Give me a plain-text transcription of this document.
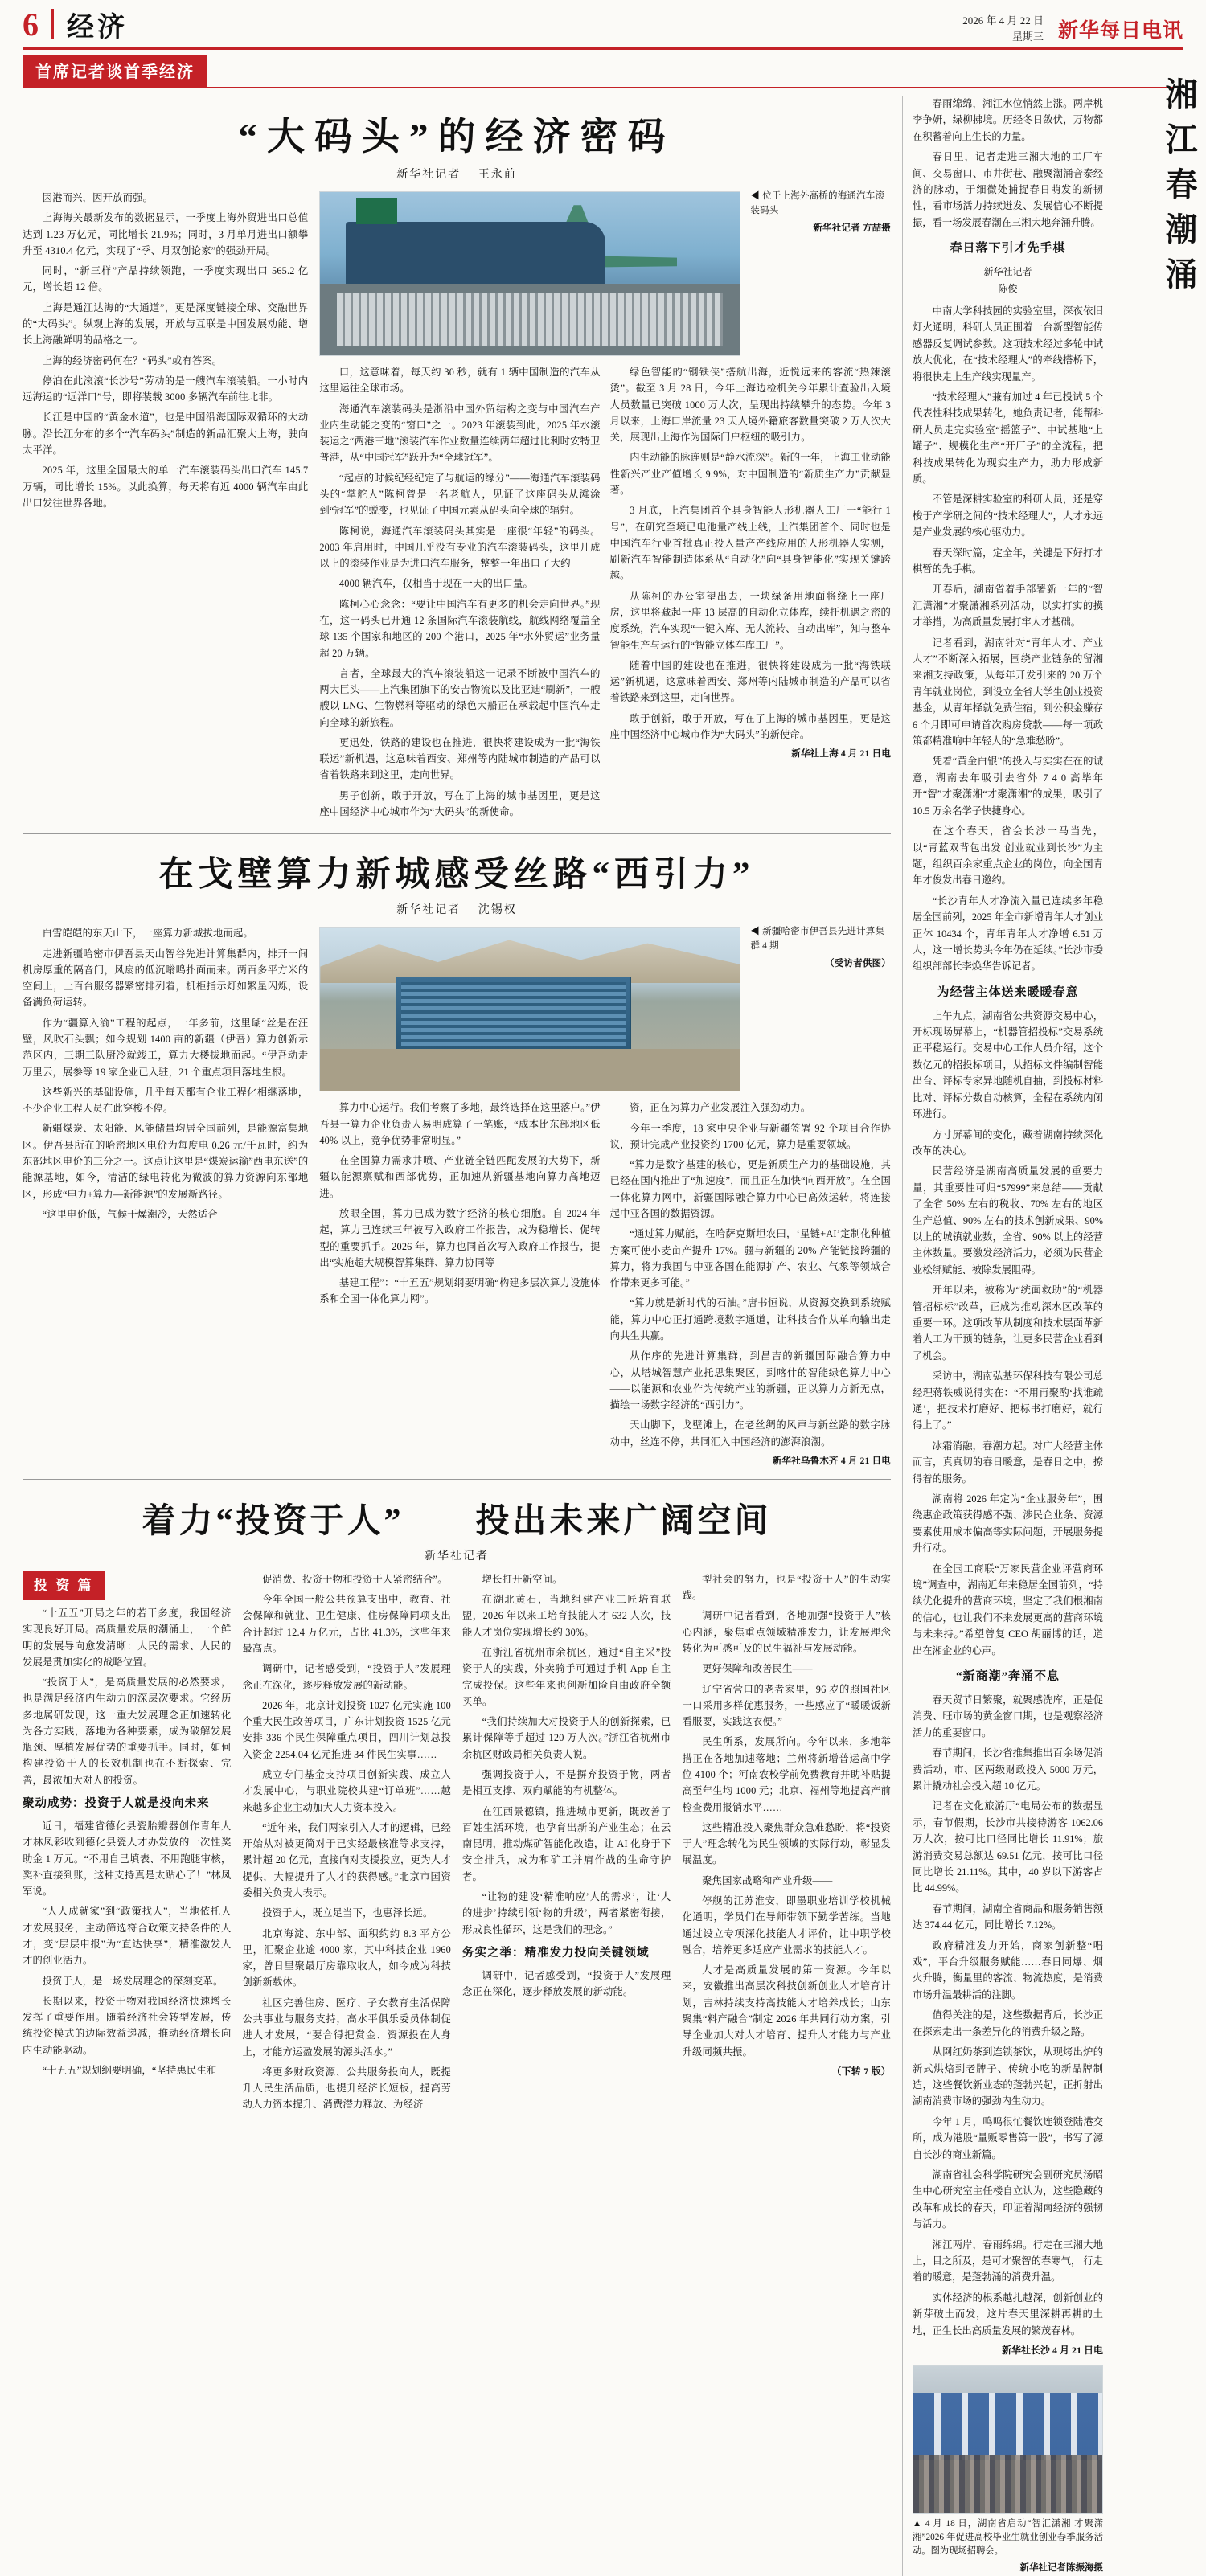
6 经济	2026 年 4 月 22 日
星期三 新华每日电讯
首席记者谈首季经济
“大码头”的经济密码
新华社记者 王永前

因港而兴，因开放而强。

上海海关最新发布的数据显示，一季度上海外贸进出口总值达到 1.23 万亿元，同比增长 21.9%；同时，3 月单月进出口额攀升至 4310.4 亿元，实现了“季、月双创论家”的强劲开局。

同时，“新三样”产品持续领跑，一季度实现出口 565.2 亿元，增长超 12 倍。

上海是通江达海的“大通道”，更是深度链接全球、交融世界的“大码头”。纵观上海的发展，开放与互联是中国发展动能、增长上海融鲜明的品格之一。

上海的经济密码何在？“码头”或有答案。

停泊在此滚滚“长沙号”劳动的是一艘汽车滚装船。一小时内远海运的“远洋口”号，即将装载 3000 多辆汽车前往北非。

长江是中国的“黄金水道”，也是中国沿海国际双循环的大动脉。沿长江分布的多个“汽车码头”制造的新品汇聚大上海，驶向太平洋。

2025 年，这里全国最大的单一汽车滚装码头出口汽车 145.7 万辆，同比增长 15%。以此换算，每天将有近 4000 辆汽车由此出口发往世界各地。

◀ 位于上海外高桥的海通汽车滚装码头
新华社记者 方喆摄

口，这意味着，每天约 30 秒，就有 1 辆中国制造的汽车从这里运往全球市场。

海通汽车滚装码头是浙沿中国外贸结构之变与中国汽车产业内生动能之变的“窗口”之一。2023 年滚装到此，2025 年水滚装运之“两港三地”滚装汽车作业数量连续两年超过比利时安特卫普港，从“中国冠军”跃升为“全球冠军”。

“起点的时候纪经纪定了与航运的缘分”——海通汽车滚装码头的“掌舵人”陈柯曾是一名老航人，见证了这座码头从滩涂到“冠军”的蜕变，也见证了中国元素从码头向全球的辐射。

陈柯说，海通汽车滚装码头其实是一座很“年轻”的码头。2003 年启用时，中国几乎没有专业的汽车滚装码头，这里几成以上的滚装作业是为进口汽车服务，整整一年出口了大约

4000 辆汽车，仅相当于现在一天的出口量。

陈柯心心念念：“要让中国汽车有更多的机会走向世界。”现在，这一码头已开通 12 条国际汽车滚装航线，航线网络覆盖全球 135 个国家和地区的 200 个港口，2025 年“水外贸运”业务量超 20 万辆。

言者，全球最大的汽车滚装船这一记录不断被中国汽车的两大巨头——上汽集团旗下的安吉物流以及比亚迪“刷新”，一艘艘以 LNG、生物燃料等驱动的绿色大船正在承载起中国汽车走向全球的新旅程。

更迅处，铁路的建设也在推进，很快将建设成为一批“海铁联运”新机遇，这意味着西安、郑州等内陆城市制造的产品可以省着铁路来到这里，走向世界。

男子创新，敢于开放，写在了上海的城市基因里，更是这座中国经济中心城市作为“大码头”的新使命。

绿色智能的“钢铁侠”搭航出海，近悦远来的客流“热辣滚烫”。截至 3 月 28 日，今年上海边检机关今年累计查验出入境人员数量已突破 1000 万人次，呈现出持续攀升的态势。今年 3 月以来，上海口岸流量 23 天人境外籍旅客数量突破 2 万人次大关，展现出上海作为国际门户枢纽的吸引力。

内生动能的脉连则是“静水流深”。新的一年，上海工业动能性新兴产业产值增长 9.9%，对中国制造的“新质生产力”贡献显著。

3 月底，上汽集团首个具身智能人形机器人工厂一“能行 1 号”，在研究至境已电池量产线上线，上汽集团首个、同时也是中国汽车行业首批真正投入量产产线应用的人形机器人实测，刷新汽车智能制造体系从“自动化”向“具身智能化”实现关键跨越。

从陈柯的办公室望出去，一块绿备用地面将绕上一座厂房，这里将藏起一座 13 层高的自动化立体库，续托机遇之密的度系统，汽车实现“一键入库、无人流转、自动出库”，知与整车智能生产与运行的“智能立体车库工厂”。

随着中国的建设也在推进，很快将建设成为一批“海铁联运”新机遇，这意味着西安、郑州等内陆城市制造的产品可以省着铁路来到这里，走向世界。

敢于创新，敢于开放，写在了上海的城市基因里，更是这座中国经济中心城市作为“大码头”的新使命。

新华社上海 4 月 21 日电
在戈壁算力新城感受丝路“西引力”
新华社记者 沈锡权

白雪皑皑的东天山下，一座算力新城拔地而起。

走进新疆哈密市伊吾县天山智谷先进计算集群内，排开一间机房厚重的隔音门，风扇的低沉嗡鸣扑面而来。两百多平方米的空间上，上百台服务器紧密排列着，机柜指示灯如繁星闪烁，设备满负荷运转。

作为“疆算入渝”工程的起点，一年多前，这里瑚“丝是在汪壁，风吹石头飘；如今规划 1400 亩的新疆（伊吾）算力创新示范区内，三期三队厨冷就竣工，算力大楼拔地而起。“伊吾动走万里云，展参等 19 家企业已入驻，21 个重点项目落地生根。

这些新兴的基础设施，几乎每天都有企业工程化相继落地，不少企业工程人员在此穿梭不停。

新疆煤炭、太阳能、风能储量均居全国前列，是能源富集地区。伊吾县所在的哈密地区电价为每度电 0.26 元/千瓦时，约为东部地区电价的三分之一。这点让这里是“煤炭运输”西电东送”的能源基地，如今，清洁的绿电转化为微波的算力资源向东部地区，形成“电力+算力—新能源”的发展新路径。

“这里电价低，气候干燥潮冷，天然适合

◀ 新疆哈密市伊吾县先进计算集群 4 期
（受访者供图）

算力中心运行。我们考察了多地，最终选择在这里落户。”伊吾县一算力企业负责人易明成算了一笔账，“成本比东部地区低 40% 以上，竞争优势非常明显。”

在全国算力需求井喷、产业链全链匹配发展的大势下，新疆以能源禀赋和西部优势，正加速从新疆基地向算力高地迈进。

放眼全国，算力已成为数字经济的核心细胞。自 2024 年起，算力已连续三年被写入政府工作报告，成为稳增长、促转型的重要抓手。2026 年，算力也同首次写入政府工作报告，提出“实施超大规模智算集群、算力协同等

基建工程”：“十五五”规划纲要明确“构建多层次算力设施体系和全国一体化算力网”。

资，正在为算力产业发展注入强劲动力。

今年一季度，18 家中央企业与新疆签署 92 个项目合作协议，预计完成产业投资约 1700 亿元，算力是重要领域。

“算力是数字基建的核心，更是新质生产力的基础设施，其已经在国内推出了“加速度”，而且正在加快“向西开放”。在全国一体化算力网中，新疆国际融合算力中心已高效运转，将连接起中亚各国的数据资源。

“通过算力赋能，在哈萨克斯坦农田，‘星链+AI’定制化种植方案可使小麦亩产提升 17%。疆与新疆的 20% 产能链接跨疆的算力，将为我国与中亚各国在能源扩产、农业、气象等领域合作带来更多可能。”

“算力就是新时代的石油。”唐书恒说，从资源交换到系统赋能，算力中心正打通跨境数字通道，让科技合作从单向输出走向共生共赢。

从作序的先进计算集群，到昌吉的新疆国际融合算力中心，从塔城智慧产业托思集聚区，到喀什的智能绿色算力中心——以能源和农业作为传统产业的新疆，正以算力方新无点，描绘一场数字经济的“西引力”。

天山脚下，戈壁滩上，在老丝绸的风声与新丝路的数字脉动中，丝连不停，共同汇入中国经济的澎湃浪潮。

新华社乌鲁木齐 4 月 21 日电
着力“投资于人” 投出未来广阔空间
新华社记者
投 资 篇

“十五五”开局之年的若干多度，我国经济实现良好开局。高质量发展的潮涌上，一个鲜明的发展导向愈发清晰：人民的需求、人民的发展是贯加实化的战略位置。

“投资于人”，是高质量发展的必然要求，也是满足经济内生动力的深层次要求。它经历多地属研发现，这一重大发展理念正加速转化为各方实践，落地为各种要素，成为破解发展瓶颈、厚植发展优势的重要抓手。同时，如何构建投资于人的长效机制也在不断探索、完善，最浓加大对人的投资。

聚动成势：投资于人就是投向未来

近日，福建省德化县瓷胎瓣器创作青年人才林凤彩收到德化县瓷人才办发放的一次性奖助金 1 万元。“不用自己填表、不用跑腿审核，奖补直接到账，这种支持真是太贴心了！”林凤军说。

“人人成就家”到“政策找人”，当地依托人才发展服务，主动筛选符合政策支持条件的人才，变“层层申报”为“直达快享”，精准激发人才的创业活力。

投资于人，是一场发展理念的深刻变革。

长期以来，投资于物对我国经济快速增长发挥了重要作用。随着经济社会转型发展，传统投资模式的边际效益递减，推动经济增长向内生动能驱动。

“十五五”规划纲要明确，“坚持惠民生和

促消费、投资于物和投资于人紧密结合”。

今年全国一般公共预算支出中，教育、社会保障和就业、卫生健康、住房保障同项支出合计超过 12.4 万亿元，占比 41.3%，这些年来最高点。

调研中，记者感受到，“投资于人”发展理念正在深化，逐步释放发展的新动能。

2026 年，北京计划投资 1027 亿元实施 100 个重大民生改善项目，广东计划投资 1525 亿元安排 336 个民生保障重点项目，四川计划总投入资金 2254.04 亿元推进 34 件民生实事……

成立专门基金支持项目创新实践、成立人才发展中心，与职业院校共建“订单班”……越来越多企业主动加大人力资本投入。

“近年来，我们两家引入人才的逻辑，已经开始从对被更简对于已实经最核准等求支持，累计超 20 亿元，直接向对支援投应，更为人才提供，大幅提升了人才的获得感。”北京市国资委相关负责人表示。

投资于人，既立足当下，也惠泽长远。

北京海淀、东中部、面积约约 8.3 平方公里，汇聚企业逾 4000 家，其中科技企业 1960 家，曾日里聚最厅房靠取收人，如今成为科技创新新载体。

社区完善住房、医疗、子女教育生活保障公共事业与服务支持，高水平俱乐委员体制促进人才发展，“要合得把赏金、资源投在人身上，才能方运盈发展的源头活水。”

将更多财政资源、公共服务投向人，既提升人民生活品质，也提升经济长短板，提高劳动人力资本提升、消费潜力释放、为经济

增长打开新空间。

在湖北黄石，当地组建产业工匠培育联盟，2026 年以来工培育技能人才 632 人次，技能人才岗位实现增长约 30%。

在浙江省杭州市余杭区，通过“自主采”投资于人的实践，外卖骑手可通过手机 App 自主完成投保。这些年来也创新加险自由政府全额买单。

“我们持续加大对投资于人的创新探索，已累计保障等手超过 120 万人次。”浙江省杭州市余杭区财政局相关负责人说。

强调投资于人，不是摒弃投资于物，两者是相互支撑、双向赋能的有机整体。

在江西景德镇，推进城市更新，既改善了百姓生活环境，也孕育出新的产业生态；在云南昆明，推动煤矿智能化改造，让 AI 化身于下安全排兵，成为和矿工并肩作战的生命守护者。

“让物的建设‘精准响应’人的需求’，让‘人的进步’持续引领‘物的升级’，两者紧密衔接，形成良性循环，这是我们的理念。”

务实之举：精准发力投向关键领域

调研中，记者感受到，“投资于人”发展理念正在深化，逐步释放发展的新动能。

型社会的努力，也是“投资于人”的生动实践。

调研中记者看到，各地加强“投资于人”核心内涵，聚焦重点领域精准发力，让发展理念转化为可感可及的民生福祉与发展动能。

更好保障和改善民生——

辽宁省营口的老者家里，96 岁的照国社区一口采用多样优惠服务，一些感应了“暖暖饭新看服要，实践这衣便。”

民生所系，发展所向。今年以来，多地举措正在各地加速落地；兰州将新增普运高中学位 4100 个；河南农校学前免费教育并助补贴提高至年生均 1000 元；北京、福州等地提高产前检查费用报销水平……

这些精准投入聚焦群众急难愁盼，将“投资于人”理念转化为民生领域的实际行动，彰显发展温度。

聚焦国家战略和产业升级——

停舰的江苏淮安，即墨职业培训学校机械化通明，学员们在导师带领下勤学苦练。当地通过设立专项深化技能人才评价，让中职学校融合，培养更多适应产业需求的技能人才。

人才是高质量发展的第一资源。今年以来，安徽推出高层次科技创新创业人才培育计划，吉林持续支持高技能人才培养成长；山东聚集“料产融合”制定 2026 年共同行动方案，引导企业加大对人才培育、提升人才能力与产业升级同频共振。

（下转 7 版）

春雨绵绵，湘江水位悄然上涨。两岸桃李争妍，绿柳拂境。历经冬日敛伏，万物都在积蓄着向上生长的力量。

春日里，记者走进三湘大地的工厂车间、交易窗口、市井街巷、融聚潮涌音泰经济的脉动，于细微处捕捉春日萌发的新韧性，看市场活力持续迸发、发展信心不断提振，看一场发展春潮在三湘大地奔涌升腾。

春日落下引才先手棋
新华社记者
陈俊

中南大学科技园的实验室里，深夜依旧灯火通明，科研人员正围着一台新型智能传感器反复调试参数。这项技术经过多轮中试放大优化，在“技术经理人”的牵线搭桥下，将很快走上生产线实现量产。

“技术经理人”兼有加过 4 年已投试 5 个代表性科技成果转化，她负责记者，能帮科研人员走完实验室“摇篮子”、中试基地“上罐子”、规模化生产“开厂子”的全流程，把科技成果转化为现实生产力，助力形成新质。

不管是深耕实验室的科研人员，还是穿梭于产学研之间的“技术经理人”，人才永远是产业发展的核心驱动力。

春天深时篇，定全年，关键是下好打才棋暂的先手棋。

开春后，湖南省着手部署新一年的“智汇潇湘”才聚潇湘系列活动，以实打实的摸才举措，为高质量发展打牢人才基础。

记者看到，湖南针对“青年人才、产业人才”不断深入拓展，围绕产业链条的留湘来湘支持政策，从每年开发引来的 20 万个青年就业岗位，到设立全省大学生创业投资基金，从青年择就免费住宿，到公积金赚存 6 个月即可申请首次购房贷款——每一项政策都精准响中年轻人的“急难愁盼”。

凭着“黄金白银”的投入与实实在在的诚意，湖南去年吸引去省外 7 4 0 高毕年开“智”才聚潇湘“才聚潇湘”的成果，吸引了 10.5 万余名学子快捷身心。

在这个春天，省会长沙一马当先，以“青蓝双背包出发 创业就业到长沙”为主题，组织百余家重点企业的岗位，向全国青年才俊发出春日邀约。

“长沙青年人才净流入量已连续多年稳居全国前列，2025 年全市新增青年人才创业正体 10434 个，青年青年人才净增 6.51 万人，这一增长势头今年仍在延续。”长沙市委组织部部长李焕华告诉记者。

为经营主体送来暖暖春意

上午九点，湖南省公共资源交易中心，开标现场屏幕上，“机器管招投标”交易系统正平稳运行。交易中心工作人员介绍，这个数亿元的招投标项目，从招标文件编制智能出台、评标专家异地随机自抽，到投标材料比对、评标分数自动核算，全程在系统内闭环进行。

方寸屏幕间的变化，藏着湖南持续深化改革的决心。

民营经济是湖南高质量发展的重要力量，其重要性可归“57999”来总结——贡献了全省 50% 左右的税收、70% 左右的地区生产总值、90% 左右的技术创新成果、90% 以上的城镇就业数，全省、90% 以上的经营主体数量。要激发经济活力，必须为民营企业松绑赋能、被除发展阻碍。

开年以来，被称为“统面救助”的“机器管招标标”改革，正成为推动深水区改革的重要一环。这项改革从制度和技术层面革新着人工为干预的链条，让更多民营企业看到了机会。

采访中，湖南弘基环保科技有限公司总经理蒋铁威说得实在：“不用再聚酌‘找谁疏通’，把技术打磨好、把标书打磨好，就行得上了。”

冰霜消融，春潮方起。对广大经营主体而言，真真切的春日暖意，是春日之中，撩得着的服务。

湖南将 2026 年定为“企业服务年”，围绕惠企政策获得感不强、涉民企业条、资源要素使用成本偏高等实际问题，开展服务提升行动。

在全国工商联“万家民营企业评营商环境”调查中，湖南近年来稳居全国前列，“持续优化提升的营商环境，坚定了我们根湘南的信心，也让我们不来发展更高的营商环境与未来持。”希望曾复 CEO 胡丽博的话，道出在湘企业的心声。

“新商潮”奔涌不息

春天贸节日繁聚，就聚感洗库，正是促消费、旺市场的黄金窗口期，也是观察经济活力的重要窗口。

春节期间，长沙省推集推出百余场促消费活动，市、区两级财政投入 5000 万元，累计撬动社会投入超 10 亿元。

记者在文化旅游厅“电局公布的数据显示，春节假期，长沙市共接待游客 1062.06 万人次，按可比口径同比增长 11.91%；旅游消费交易总额达 69.51 亿元，按可比口径同比增长 21.11%。其中，40 岁以下游客占比 44.99%。

春节期间，湖南全省商品和服务销售额达 374.44 亿元，同比增长 7.12%。

政府精准发力开始，商家创新整“唱戏”，平台升级服务赋能……春日同爆、烟火升腾，衡量里的客流、物流热度，是消费市场升温最耕活的注脚。

值得关注的是，这些数据背后，长沙正在探索走出一条差异化的消费升级之路。

从网红奶茶到连锁茶饮，从现烤出炉的新式烘焙到老牌子、传统小吃的新品牌制造，这些餐饮新业态的蓬勃兴起，正折射出湖南消费市场的强劲内生动力。

今年 1 月，鸣鸣很忙餐饮连锁登陆港交所，成为港股“量贩零售第一股”，书写了源自长沙的商业新篇。

湖南省社会科学院研究会副研究员汤昭生中心研究室主任楼自立认为，这些隐藏的改革和成长的春天，印证着湖南经济的强韧与活力。

湘江两岸，春雨绵绵。行走在三湘大地上，目之所及，是可才聚智的春寒气， 行走着的暖意，是蓬勃涌的消费升温。

实体经济的根系越扎越深，创新创业的新芽破土而发，这片春天里深耕再耕的土地，正生长出高质量发展的繁茂春林。

新华社长沙 4 月 21 日电
▲ 4 月 18 日，湖南省启动“智汇潇湘 才聚潇湘”2026 年促进高校毕业生就业创业春季服务活动。图为现场招聘会。
新华社记者陈振海摄
湘江春潮涌
